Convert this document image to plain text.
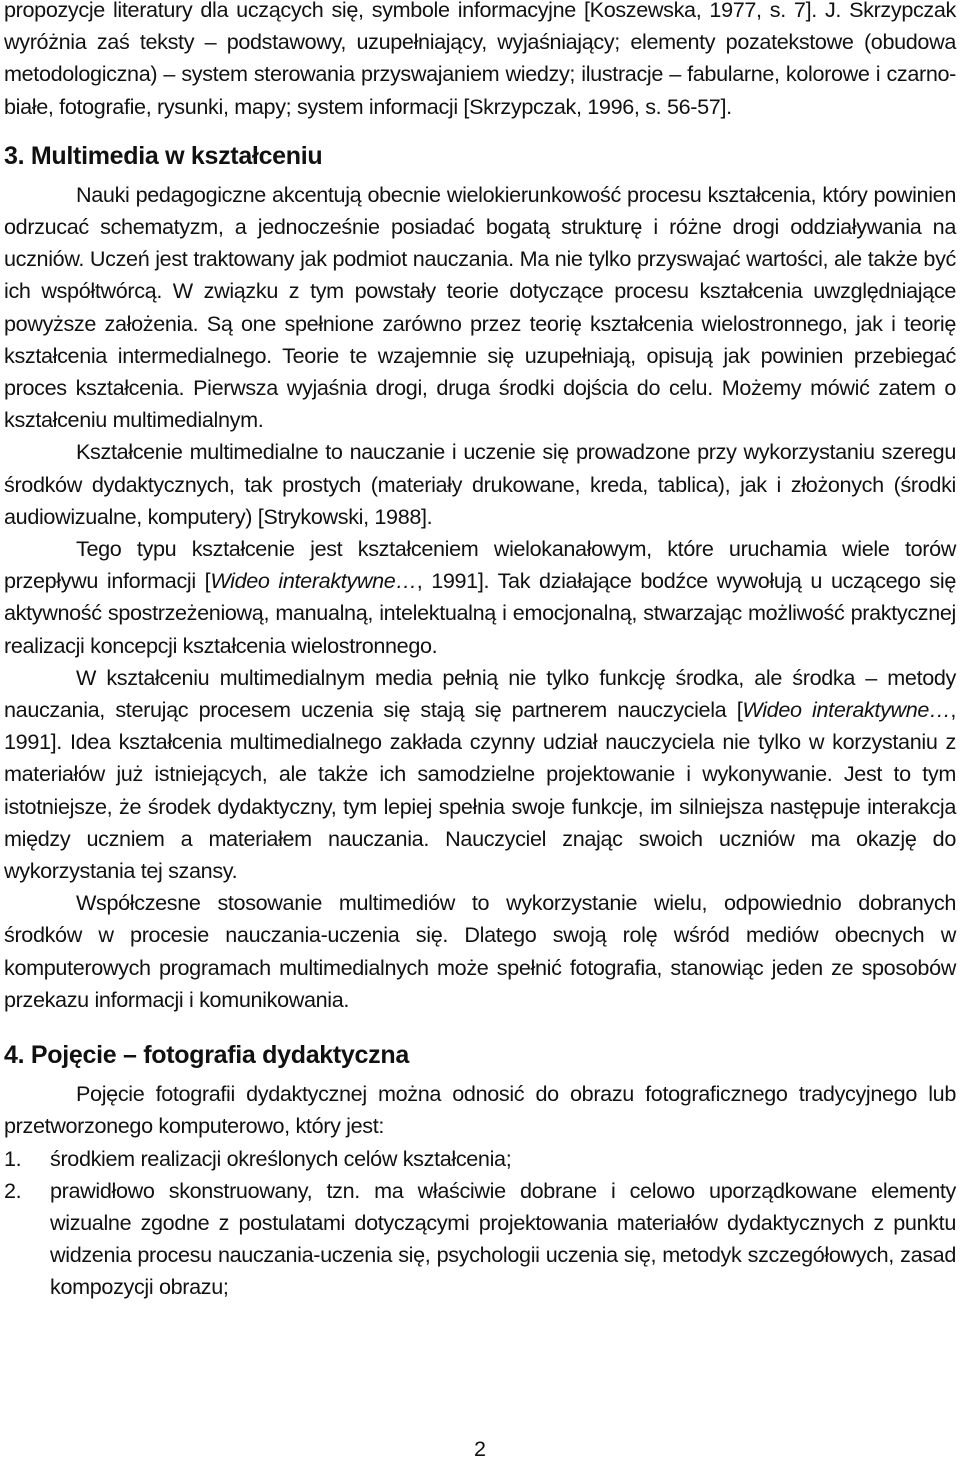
propozycje literatury dla uczących się, symbole informacyjne [Koszewska, 1977, s. 7]. J. Skrzypczak wyróżnia zaś teksty – podstawowy, uzupełniający, wyjaśniający; elementy pozatekstowe (obudowa metodologiczna) – system sterowania przyswajaniem wiedzy; ilustracje – fabularne, kolorowe i czarno-białe, fotografie, rysunki, mapy; system informacji [Skrzypczak, 1996, s. 56-57].

3. Multimedia w kształceniu

Nauki pedagogiczne akcentują obecnie wielokierunkowość procesu kształcenia, który powinien odrzucać schematyzm, a jednocześnie posiadać bogatą strukturę i różne drogi oddziaływania na uczniów. Uczeń jest traktowany jak podmiot nauczania. Ma nie tylko przyswajać wartości, ale także być ich współtwórcą. W związku z tym powstały teorie dotyczące procesu kształcenia uwzględniające powyższe założenia. Są one spełnione zarówno przez teorię kształcenia wielostronnego, jak i teorię kształcenia intermedialnego. Teorie te wzajemnie się uzupełniają, opisują jak powinien przebiegać proces kształcenia. Pierwsza wyjaśnia drogi, druga środki dojścia do celu. Możemy mówić zatem o kształceniu multimedialnym.

Kształcenie multimedialne to nauczanie i uczenie się prowadzone przy wykorzystaniu szeregu środków dydaktycznych, tak prostych (materiały drukowane, kreda, tablica), jak i złożonych (środki audiowizualne, komputery) [Strykowski, 1988].

Tego typu kształcenie jest kształceniem wielokanałowym, które uruchamia wiele torów przepływu informacji [Wideo interaktywne…, 1991]. Tak działające bodźce wywołują u uczącego się aktywność spostrzeżeniową, manualną, intelektualną i emocjonalną, stwarzając możliwość praktycznej realizacji koncepcji kształcenia wielostronnego.

W kształceniu multimedialnym media pełnią nie tylko funkcję środka, ale środka – metody nauczania, sterując procesem uczenia się stają się partnerem nauczyciela [Wideo interaktywne…, 1991]. Idea kształcenia multimedialnego zakłada czynny udział nauczyciela nie tylko w korzystaniu z materiałów już istniejących, ale także ich samodzielne projektowanie i wykonywanie. Jest to tym istotniejsze, że środek dydaktyczny, tym lepiej spełnia swoje funkcje, im silniejsza następuje interakcja między uczniem a materiałem nauczania. Nauczyciel znając swoich uczniów ma okazję do wykorzystania tej szansy.

Współczesne stosowanie multimediów to wykorzystanie wielu, odpowiednio dobranych środków w procesie nauczania-uczenia się. Dlatego swoją rolę wśród mediów obecnych w komputerowych programach multimedialnych może spełnić fotografia, stanowiąc jeden ze sposobów przekazu informacji i komunikowania.

4. Pojęcie – fotografia dydaktyczna

Pojęcie fotografii dydaktycznej można odnosić do obrazu fotograficznego tradycyjnego lub przetworzonego komputerowo, który jest:

1. środkiem realizacji określonych celów kształcenia;
2. prawidłowo skonstruowany, tzn. ma właściwie dobrane i celowo uporządkowane elementy wizualne zgodne z postulatami dotyczącymi projektowania materiałów dydaktycznych z punktu widzenia procesu nauczania-uczenia się, psychologii uczenia się, metodyk szczegółowych, zasad kompozycji obrazu;
2
